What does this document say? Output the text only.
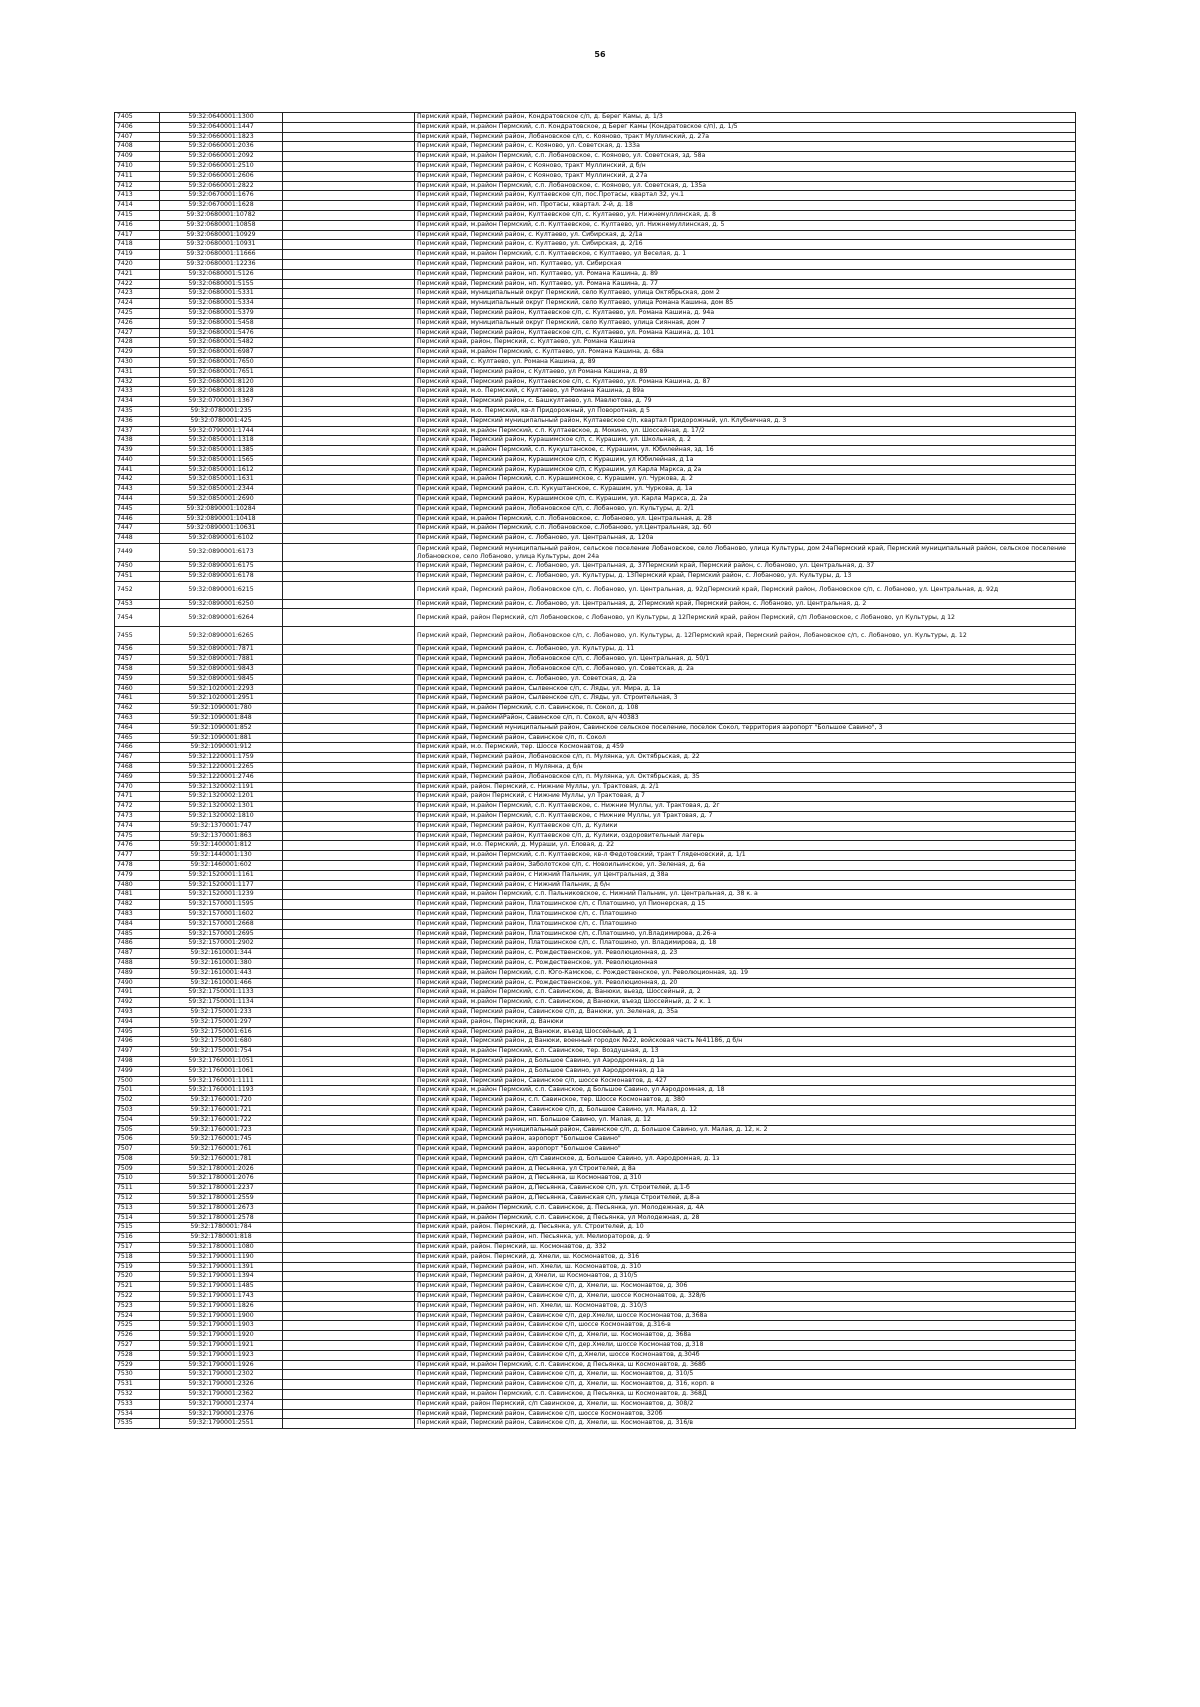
56
7405	59:32:0640001:1300		Пермский край, Пермский район, Кондратовское с/п, д. Берег Камы, д. 1/3
7406	59:32:0640001:1447		Пермский край, м.район Пермский, с.п. Кондратовское, д Берег Камы (Кондратовское с/п), д. 1/5
7407	59:32:0660001:1823		Пермский край, Пермский район, Лобановское с/п, с. Кояново, тракт Муллинский, д. 27а
7408	59:32:0660001:2036		Пермский край, Пермский район, с. Кояново, ул. Советская, д. 133а
7409	59:32:0660001:2092		Пермский край, м.район Пермский, с.п. Лобановское, с. Кояново, ул. Советская, зд. 58а
7410	59:32:0660001:2510		Пермский край, Пермский район, с Кояново, тракт Муллинский, д б/н
7411	59:32:0660001:2606		Пермский край, Пермский район, с Кояново, тракт Муллинский, д 27а
7412	59:32:0660001:2822		Пермский край, м.район Пермский, с.п. Лобановское, с. Кояново, ул. Советская, д. 135а
7413	59:32:0670001:1676		Пермский край, Пермский район, Култаевское с/п, пос.Протасы, квартал 32, уч.1
7414	59:32:0670001:1628		Пермский край, Пермский район, нп. Протасы, квартал. 2-й, д. 18
7415	59:32:0680001:10782		Пермский край, Пермский район, Култаевское с/п, с. Култаево, ул. Нижнемуллинская, д. 8
7416	59:32:0680001:10858		Пермский край, м.район Пермский, с.п. Култаевское, с. Култаево, ул. Нижнемуллинская, д. 5
7417	59:32:0680001:10929		Пермский край, Пермский район, с. Култаево, ул. Сибирская, д. 2/1а
7418	59:32:0680001:10931		Пермский край, Пермский район, с. Култаево, ул. Сибирская, д. 2/16
7419	59:32:0680001:11666		Пермский край, м.район Пермский, с.п. Култаевское, с Култаево, ул Веселая, д. 1
7420	59:32:0680001:12236		Пермский край, Пермский район, нп. Култаево, ул. Сибирская
7421	59:32:0680001:5126		Пермский край, Пермский район, нп. Култаево, ул. Романа Кашина, д. 89
7422	59:32:0680001:5155		Пермский край, Пермский район, нп. Култаево, ул. Романа Кашина, д. 77
7423	59:32:0680001:5331		Пермский край, муниципальный округ Пермский, село Култаево, улица Октябрьская, дом 2
7424	59:32:0680001:5334		Пермский край, муниципальный округ Пермский, село Култаево, улица Романа Кашина, дом 85
7425	59:32:0680001:5379		Пермский край, Пермский район, Култаевское с/п, с. Култаево, ул. Романа Кашина, д. 94а
7426	59:32:0680001:5458		Пермский край, муниципальный округ Пермский, село Култаево, улица Сиянная, дом 7
7427	59:32:0680001:5476		Пермский край, Пермский район, Култаевское с/п, с. Култаево, ул. Романа Кашина, д. 101
7428	59:32:0680001:5482		Пермский край, район, Пермский, с. Култаево, ул. Романа Кашина
7429	59:32:0680001:6987		Пермский край, м.район Пермский, с. Култаево, ул. Романа Кашина, д. 68а
7430	59:32:0680001:7650		Пермский край, с. Култаево, ул. Романа Кашина, д. 89
7431	59:32:0680001:7651		Пермский край, Пермский район, с Култаево, ул Романа Кашина, д 89
7432	59:32:0680001:8120		Пермский край, Пермский район, Култаевское с/п, с. Култаево, ул. Романа Кашина, д. 87
7433	59:32:0680001:8128		Пермский край, м.о. Пермский, с Култаево, ул Романа Кашина, д 89а
7434	59:32:0700001:1367		Пермский край, Пермский район, с. Башкултаево, ул. Мавлютова, д. 79
7435	59:32:0780001:235		Пермский край, м.о. Пермский, кв-л Придорожный, ул Поворотная, д 5
7436	59:32:0780001:425		Пермский край, Пермский муниципальный район, Култаевское с/п, квартал Придорожный, ул. Клубничная, д. 3
7437	59:32:0790001:1744		Пермский край, м.район Пермский, с.п. Култаевское, д. Мокино, ул. Шоссейная, д. 17/2
7438	59:32:0850001:1318		Пермский край, Пермский район, Курашимское с/п, с. Курашим, ул. Школьная, д. 2
7439	59:32:0850001:1385		Пермский край, м.район Пермский, с.п. Кукуштанское, с. Курашим, ул. Юбилейная, зд. 16
7440	59:32:0850001:1565		Пермский край, Пермский район, Курашимское с/п, с Курашим, ул Юбилейная, д 1а
7441	59:32:0850001:1612		Пермский край, Пермский район, Курашимское с/п, с Курашим, ул Карла Маркса, д 2а
7442	59:32:0850001:1631		Пермский край, м.район Пермский, с.п. Курашимское, с. Курашим, ул. Чуркова, д. 2
7443	59:32:0850001:2344		Пермский край, Пермский район, с.п. Кукуштанское, с. Курашим, ул. Чуркова, д. 1а
7444	59:32:0850001:2690		Пермский край, Пермский район, Курашимское с/п, с. Курашим, ул. Карла Маркса, д. 2а
7445	59:32:0890001:10284		Пермский край, Пермский район, Лобановское с/п, с. Лобаново, ул. Культуры, д. 2/1
7446	59:32:0890001:10418		Пермский край, м.район Пермский, с.п. Лобановское, с. Лобаново, ул. Центральная, д. 28
7447	59:32:0890001:10631		Пермский край, м.район Пермский, с.п. Лобановское, с.Лобаново, ул.Центральная, зд. 60
7448	59:32:0890001:6102		Пермский край, Пермский район, с. Лобаново, ул. Центральная, д. 120а
7449	59:32:0890001:6173		Пермский край, Пермский муниципальный район, сельское поселение Лобановское, село Лобаново, улица Культуры, дом 24аПермский край, Пермский муниципальный район, сельское поселение Лобановское, село Лобаново, улица Культуры, дом 24а
7450	59:32:0890001:6175		Пермский край, Пермский район, с. Лобаново, ул. Центральная, д. 37Пермский край, Пермский район, с. Лобаново, ул. Центральная, д. 37
7451	59:32:0890001:6178		Пермский край, Пермский район, с. Лобаново, ул. Культуры, д. 13Пермский край, Пермский район, с. Лобаново, ул. Культуры, д. 13
7452	59:32:0890001:6215		Пермский край, Пермский район, Лобановское с/п, с. Лобаново, ул. Центральная, д. 92дПермский край, Пермский район, Лобановское с/п, с. Лобаново, ул. Центральная, д. 92д
7453	59:32:0890001:6250		Пермский край, Пермский район, с. Лобаново, ул. Центральная, д. 2Пермский край, Пермский район, с. Лобаново, ул. Центральная, д. 2
7454	59:32:0890001:6264		Пермский край, район Пермский, с/п Лобановское, с Лобаново, ул Культуры, д 12Пермский край, район Пермский, с/п Лобановское, с Лобаново, ул Культуры, д 12
7455	59:32:0890001:6265		Пермский край, Пермский район, Лобановское с/п, с. Лобаново, ул. Культуры, д. 12Пермский край, Пермский район, Лобановское с/п, с. Лобаново, ул. Культуры, д. 12
7456	59:32:0890001:7871		Пермский край, Пермский район, с. Лобаново, ул. Культуры, д. 11
7457	59:32:0890001:7881		Пермский край, Пермский район, Лобановское с/п, с. Лобаново, ул. Центральная, д. 50/1
7458	59:32:0890001:9843		Пермский край, Пермский район, Лобановское с/п, с. Лобаново, ул. Советская, д. 2а
7459	59:32:0890001:9845		Пермский край, Пермский район, с. Лобаново, ул. Советская, д. 2а
7460	59:32:1020001:2293		Пермский край, Пермский район, Сылвенское с/п, с. Ляды, ул. Мира, д. 1а
7461	59:32:1020001:2951		Пермский край, Пермский район, Сылвенское с/п, с. Ляды, ул. Строительная, 3
7462	59:32:1090001:780		Пермский край, м.район Пермский, с.п. Савинское, п. Сокол, д. 108
7463	59:32:1090001:848		Пермский край, ПермскийРайон, Савинское с/п, п. Сокол, в/ч 40383
7464	59:32:1090001:852		Пермский край, Пермский муниципальный район, Савинское сельское поселение, поселок Сокол, территория аэропорт "Большое Савино", 3
7465	59:32:1090001:881		Пермский край, Пермский район, Савинское с/п, п. Сокол
7466	59:32:1090001:912		Пермский край, м.о. Пермский, тер. Шоссе Космонавтов, д 459
7467	59:32:1220001:1759		Пермский край, Пермский район, Лобановское с/п, п. Мулянка, ул. Октябрьская, д. 22
7468	59:32:1220001:2265		Пермский край, Пермский район, п Мулянка, д б/н
7469	59:32:1220001:2746		Пермский край, Пермский район, Лобановское с/п, п. Мулянка, ул. Октябрьская, д. 35
7470	59:32:1320002:1191		Пермский край, район. Пермский, с. Нижние Муллы, ул. Трактовая, д. 2/1
7471	59:32:1320002:1201		Пермский край, район Пермский, с Нижние Муллы, ул Трактовая, д 7
7472	59:32:1320002:1301		Пермский край, м.район Пермский, с.п. Култаевское, с. Нижние Муллы, ул. Трактовая, д. 2г
7473	59:32:1320002:1810		Пермский край, м.район Пермский, с.п. Култаевское, с Нижние Муллы, ул Трактовая, д. 7
7474	59:32:1370001:747		Пермский край, Пермский район, Култаевское с/п, д. Кулики
7475	59:32:1370001:863		Пермский край, Пермский район, Култаевское с/п, д. Кулики, оздоровительный лагерь
7476	59:32:1400001:812		Пермский край, м.о. Пермский, д. Мураши, ул. Еловая, д. 22
7477	59:32:1440001:130		Пермский край, м.район Пермский, с.п. Култаевское, кв-л Федотовский, тракт Гляденовский, д. 1/1
7478	59:32:1460001:602		Пермский край, Пермский район, Заболотское с/п, с. Новоильинское, ул. Зеленая, д. 6а
7479	59:32:1520001:1161		Пермский край, Пермский район, с Нижний Пальник, ул Центральная, д 38а
7480	59:32:1520001:1177		Пермский край, Пермский район, с Нижний Пальник, д б/н
7481	59:32:1520001:1239		Пермский край, м.район Пермский, с.п. Пальниковское, с. Нижний Пальник, ул. Центральная, д. 38 к. а
7482	59:32:1570001:1595		Пермский край, Пермский район, Платошинское с/п, с Платошино, ул Пионерская, д 15
7483	59:32:1570001:1602		Пермский край, Пермский район, Платошинское с/п, с. Платошино
7484	59:32:1570001:2668		Пермский край, Пермский район, Платошинское с/п, с. Платошино
7485	59:32:1570001:2695		Пермский край, Пермский район, Платошинское с/п, с.Платошино, ул.Владимирова, д.26-а
7486	59:32:1570001:2902		Пермский край, Пермский район, Платошинское с/п, с. Платошино, ул. Владимирова, д. 18
7487	59:32:1610001:344		Пермский край, Пермский район, с. Рождественское, ул. Революционная, д. 23
7488	59:32:1610001:380		Пермский край, Пермский район, с. Рождественское, ул. Революционная
7489	59:32:1610001:443		Пермский край, м.район Пермский, с.п. Юго-Камское, с. Рождественское, ул. Революционная, зд. 19
7490	59:32:1610001:466		Пермский край, Пермский район, с. Рождественское, ул. Революционная, д. 20
7491	59:32:1750001:1133		Пермский край, м.район Пермский, с.п. Савинское, д. Ванюки, вьезд. Шоссейный, д. 2
7492	59:32:1750001:1134		Пермский край, м.район Пермский, с.п. Савинское, д Ванюки, въезд Шоссейный, д. 2 к. 1
7493	59:32:1750001:233		Пермский край, Пермский район, Савинское с/п, д. Ванюки, ул. Зеленая, д. 35а
7494	59:32:1750001:297		Пермский край, район, Пермский, д. Ванюки
7495	59:32:1750001:616		Пермский край, Пермский район, д Ванюки, въезд Шоссейный, д 1
7496	59:32:1750001:680		Пермский край, Пермский район, д Ванюки, военный городок №22, войсковая часть №41186, д б/н
7497	59:32:1750001:754		Пермский край, м.район Пермский, с.п. Савинское, тер. Воздушная, д. 13
7498	59:32:1760001:1051		Пермский край, Пермский район, д Большое Савино, ул Аэродромная, д 1а
7499	59:32:1760001:1061		Пермский край, Пермский район, д Большое Савино, ул Аэродромная, д 1а
7500	59:32:1760001:1111		Пермский край, Пермский район, Савинское с/п, шоссе Космонавтов, д. 427
7501	59:32:1760001:1193		Пермский край, м.район Пермский, с.п. Савинское, д Большое Савино, ул Аэродромная, д. 18
7502	59:32:1760001:720		Пермский край, Пермский район, с.п. Савинское, тер. Шоссе Космонавтов, д. 380
7503	59:32:1760001:721		Пермский край, Пермский район, Савинское с/п, д. Большое Савино, ул. Малая, д. 12
7504	59:32:1760001:722		Пермский край, Пермский район, нп. Большое Савино, ул. Малая, д. 12
7505	59:32:1760001:723		Пермский край, Пермский муниципальный район, Савинское с/п, д. Большое Савино, ул. Малая, д. 12, к. 2
7506	59:32:1760001:745		Пермский край, Пермский район, аэропорт "Большое Савино"
7507	59:32:1760001:761		Пермский край, Пермский район, аэропорт "Большое Савино"
7508	59:32:1760001:781		Пермский край, Пермский район, с/п Савинское, д. Большое Савино, ул. Аэродромная, д. 1з
7509	59:32:1780001:2026		Пермский край, Пермский район, д Песьянка, ул Строителей, д 8а
7510	59:32:1780001:2076		Пермский край, Пермский район, д Песьянка, ш Космонавтов, д 310
7511	59:32:1780001:2237		Пермский край, Пермский район, д.Песьянка, Савинское с/п, ул. Строителей, д.1-б
7512	59:32:1780001:2559		Пермский край, Пермский район, д.Песьянка, Савинская с/п, улица Строителей, д.8-а
7513	59:32:1780001:2673		Пермский край, м.район Пермский, с.п. Савинское, д. Песьянка, ул. Молодежная, д. 4А
7514	59:32:1780001:2578		Пермский край, м.район Пермский, с.п. Савинское, д Песьянка, ул Молодежная, д. 28
7515	59:32:1780001:784		Пермский край, район. Пермский, д. Песьянка, ул. Строителей, д. 10
7516	59:32:1780001:818		Пермский край, Пермский район, нп. Песьянка, ул. Мелиораторов, д. 9
7517	59:32:1780001:1080		Пермский край, район. Пермский, ш. Космонавтов, д. 332
7518	59:32:1790001:1190		Пермский край, район. Пермский, д. Хмели, ш. Космонавтов, д. 316
7519	59:32:1790001:1391		Пермский край, Пермский район, нп. Хмели, ш. Космонавтов, д. 310
7520	59:32:1790001:1394		Пермский край, Пермский район, д Хмели, ш Космонавтов, д 310/5
7521	59:32:1790001:1485		Пермский край, Пермский район, Савинское с/п, д. Хмели, ш. Космонавтов, д. 306
7522	59:32:1790001:1743		Пермский край, Пермский район, Савинское с/п, д. Хмели, шоссе Космонавтов, д. 328/6
7523	59:32:1790001:1826		Пермский край, Пермский район, нп. Хмели, ш. Космонавтов, д. 310/3
7524	59:32:1790001:1900		Пермский край, Пермский район, Савинское с/п, дер.Хмели, шоссе Космонавтов, д.368а
7525	59:32:1790001:1903		Пермский край, Пермский район, Савинское с/п, шоссе Космонавтов, д.316-в
7526	59:32:1790001:1920		Пермский край, Пермский район, Савинское с/п, д. Хмели, ш. Космонавтов, д. 368а
7527	59:32:1790001:1921		Пермский край, Пермский район, Савинское с/п, дер.Хмели, шоссе Космонавтов, д.318
7528	59:32:1790001:1923		Пермский край, Пермский район, Савинское с/п, д.Хмели, шоссе Космонавтов, д.304б
7529	59:32:1790001:1926		Пермский край, м.район Пермский, с.п. Савинское, д Песьянка, ш Космонавтов, д. 368б
7530	59:32:1790001:2302		Пермский край, Пермский район, Савинское с/п, д. Хмели, ш. Космонавтов, д. 310/5
7531	59:32:1790001:2326		Пермский край, Пермский район, Савинское с/п, д. Хмели, ш. Космонавтов, д. 316, корп. в
7532	59:32:1790001:2362		Пермский край, м.район Пермский, с.п. Савинское, д Песьянка, ш Космонавтов, д. 368Д
7533	59:32:1790001:2374		Пермский край, район Пермский, с/п Савинское, д. Хмели, ш. Космонавтов, д. 308/2
7534	59:32:1790001:2376		Пермский край, Пермский район, Савинское с/п, шоссе Космонавтов, 320б
7535	59:32:1790001:2551		Пермский край, Пермский район, Савинское с/п, д. Хмели, ш. Космонавтов, д. 316/в
